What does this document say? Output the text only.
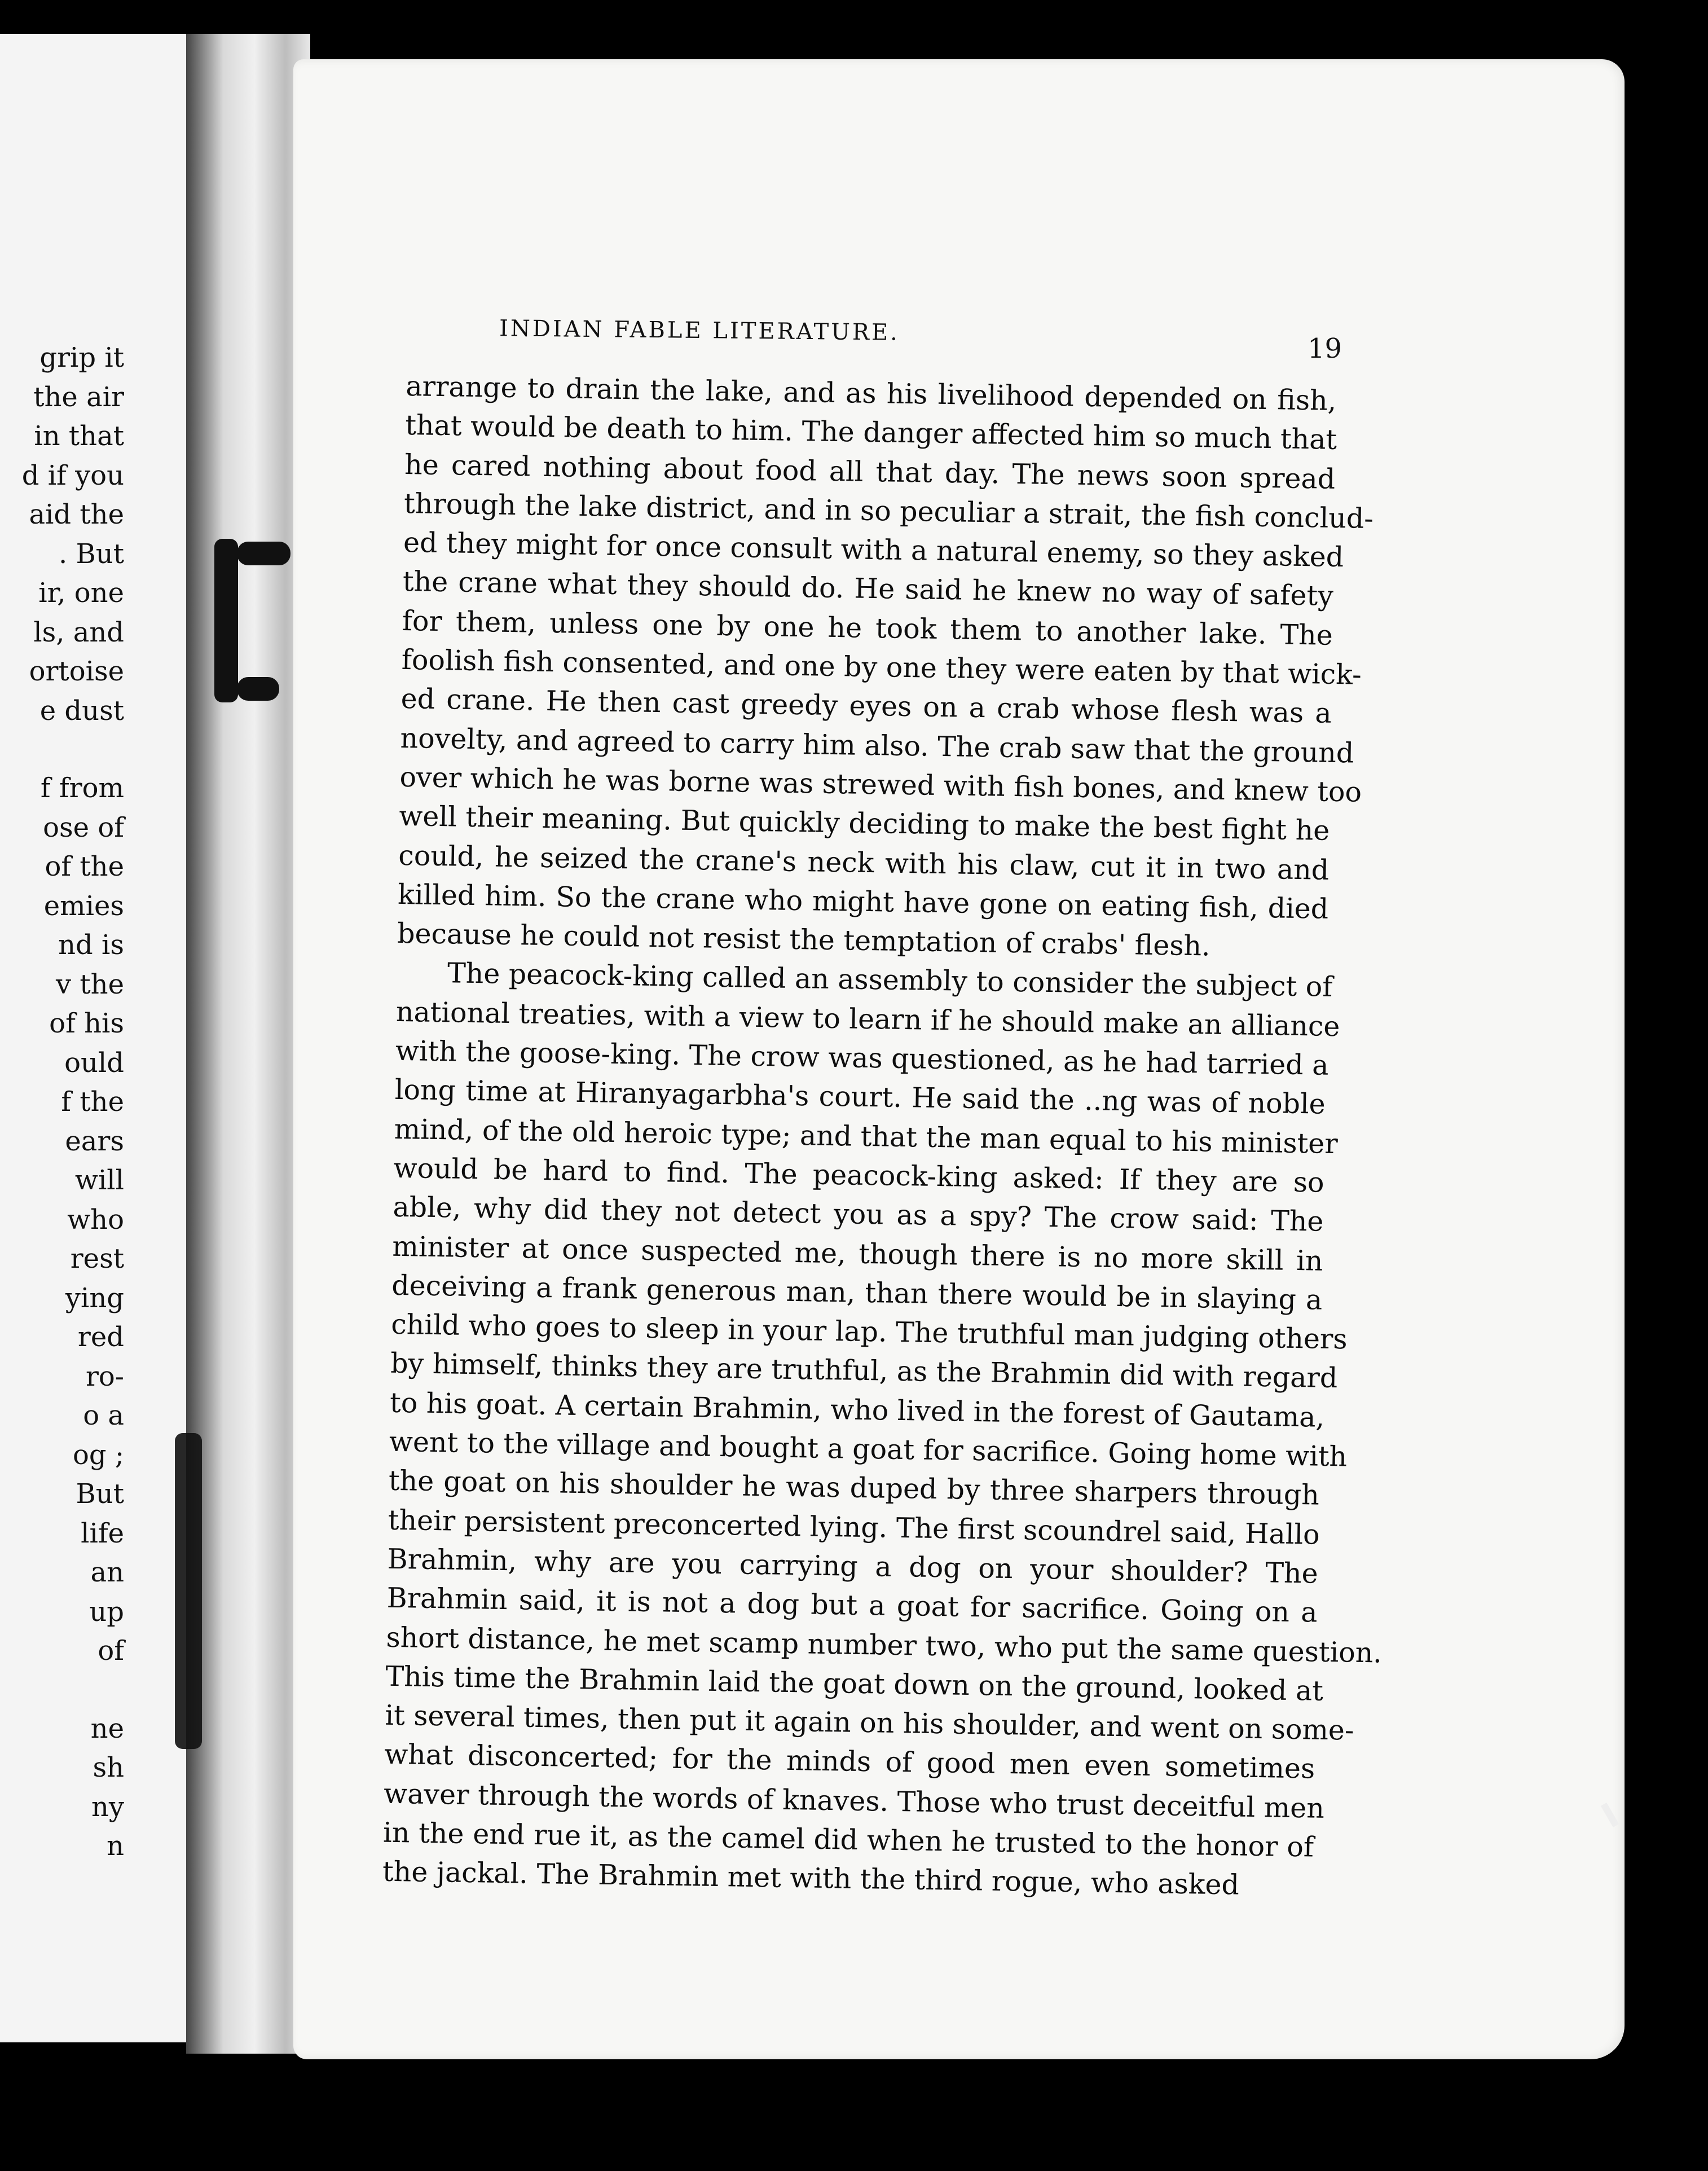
grip it
the air
in that
d if you
aid the
. But
ir, one
ls, and
ortoise
e dust
f from
ose of
of the
emies
nd is
v the
of his
ould
f the
ears
will
who
rest
ying
red
ro-
o a
og ;
But
life
an
up
of
ne
sh
ny
n
INDIAN FABLE LITERATURE.
19
arrange to drain the lake, and as his livelihood depended on fish,
that would be death to him. The danger affected him so much that
he cared nothing about food all that day. The news soon spread
through the lake district, and in so peculiar a strait, the fish conclud-
ed they might for once consult with a natural enemy, so they asked
the crane what they should do. He said he knew no way of safety
for them, unless one by one he took them to another lake. The
foolish fish consented, and one by one they were eaten by that wick-
ed crane. He then cast greedy eyes on a crab whose flesh was a
novelty, and agreed to carry him also. The crab saw that the ground
over which he was borne was strewed with fish bones, and knew too
well their meaning. But quickly deciding to make the best fight he
could, he seized the crane's neck with his claw, cut it in two and
killed him. So the crane who might have gone on eating fish, died
because he could not resist the temptation of crabs' flesh.
The peacock-king called an assembly to consider the subject of
national treaties, with a view to learn if he should make an alliance
with the goose-king. The crow was questioned, as he had tarried a
long time at Hiranyagarbha's court. He said the ..ng was of noble
mind, of the old heroic type; and that the man equal to his minister
would be hard to find. The peacock-king asked: If they are so
able, why did they not detect you as a spy? The crow said: The
minister at once suspected me, though there is no more skill in
deceiving a frank generous man, than there would be in slaying a
child who goes to sleep in your lap. The truthful man judging others
by himself, thinks they are truthful, as the Brahmin did with regard
to his goat. A certain Brahmin, who lived in the forest of Gautama,
went to the village and bought a goat for sacrifice. Going home with
the goat on his shoulder he was duped by three sharpers through
their persistent preconcerted lying. The first scoundrel said, Hallo
Brahmin, why are you carrying a dog on your shoulder? The
Brahmin said, it is not a dog but a goat for sacrifice. Going on a
short distance, he met scamp number two, who put the same question.
This time the Brahmin laid the goat down on the ground, looked at
it several times, then put it again on his shoulder, and went on some-
what disconcerted; for the minds of good men even sometimes
waver through the words of knaves. Those who trust deceitful men
in the end rue it, as the camel did when he trusted to the honor of
the jackal. The Brahmin met with the third rogue, who asked
